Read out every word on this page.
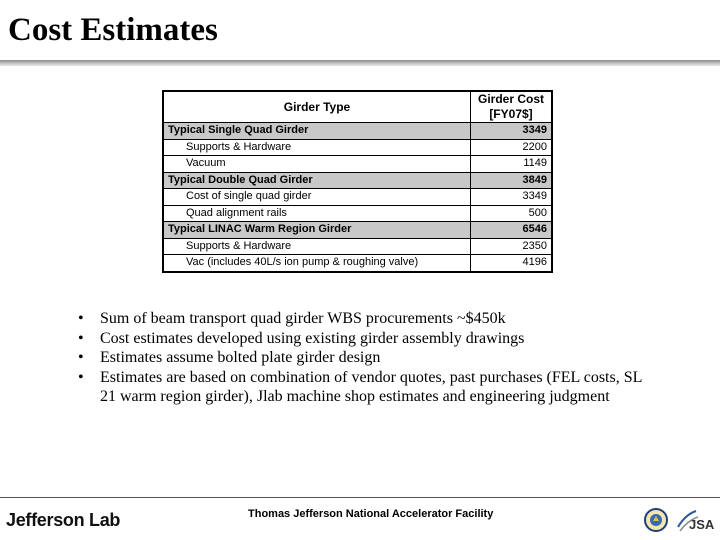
Cost Estimates
Girder Type	Girder Cost
[FY07$]
Typical Single Quad Girder	3349
Supports & Hardware	2200
Vacuum	1149
Typical Double Quad Girder	3849
Cost of single quad girder	3349
Quad alignment rails	500
Typical LINAC Warm Region Girder	6546
Supports & Hardware	2350
Vac (includes 40L/s ion pump & roughing valve)	4196
• Sum of beam transport quad girder WBS procurements ~$450k
• Cost estimates developed using existing girder assembly drawings
• Estimates assume bolted plate girder design
• Estimates are based on combination of vendor quotes, past purchases (FEL costs, SL 21 warm region girder), Jlab machine shop estimates and engineering judgment
Jefferson Lab	Thomas Jefferson National Accelerator Facility
JSA
